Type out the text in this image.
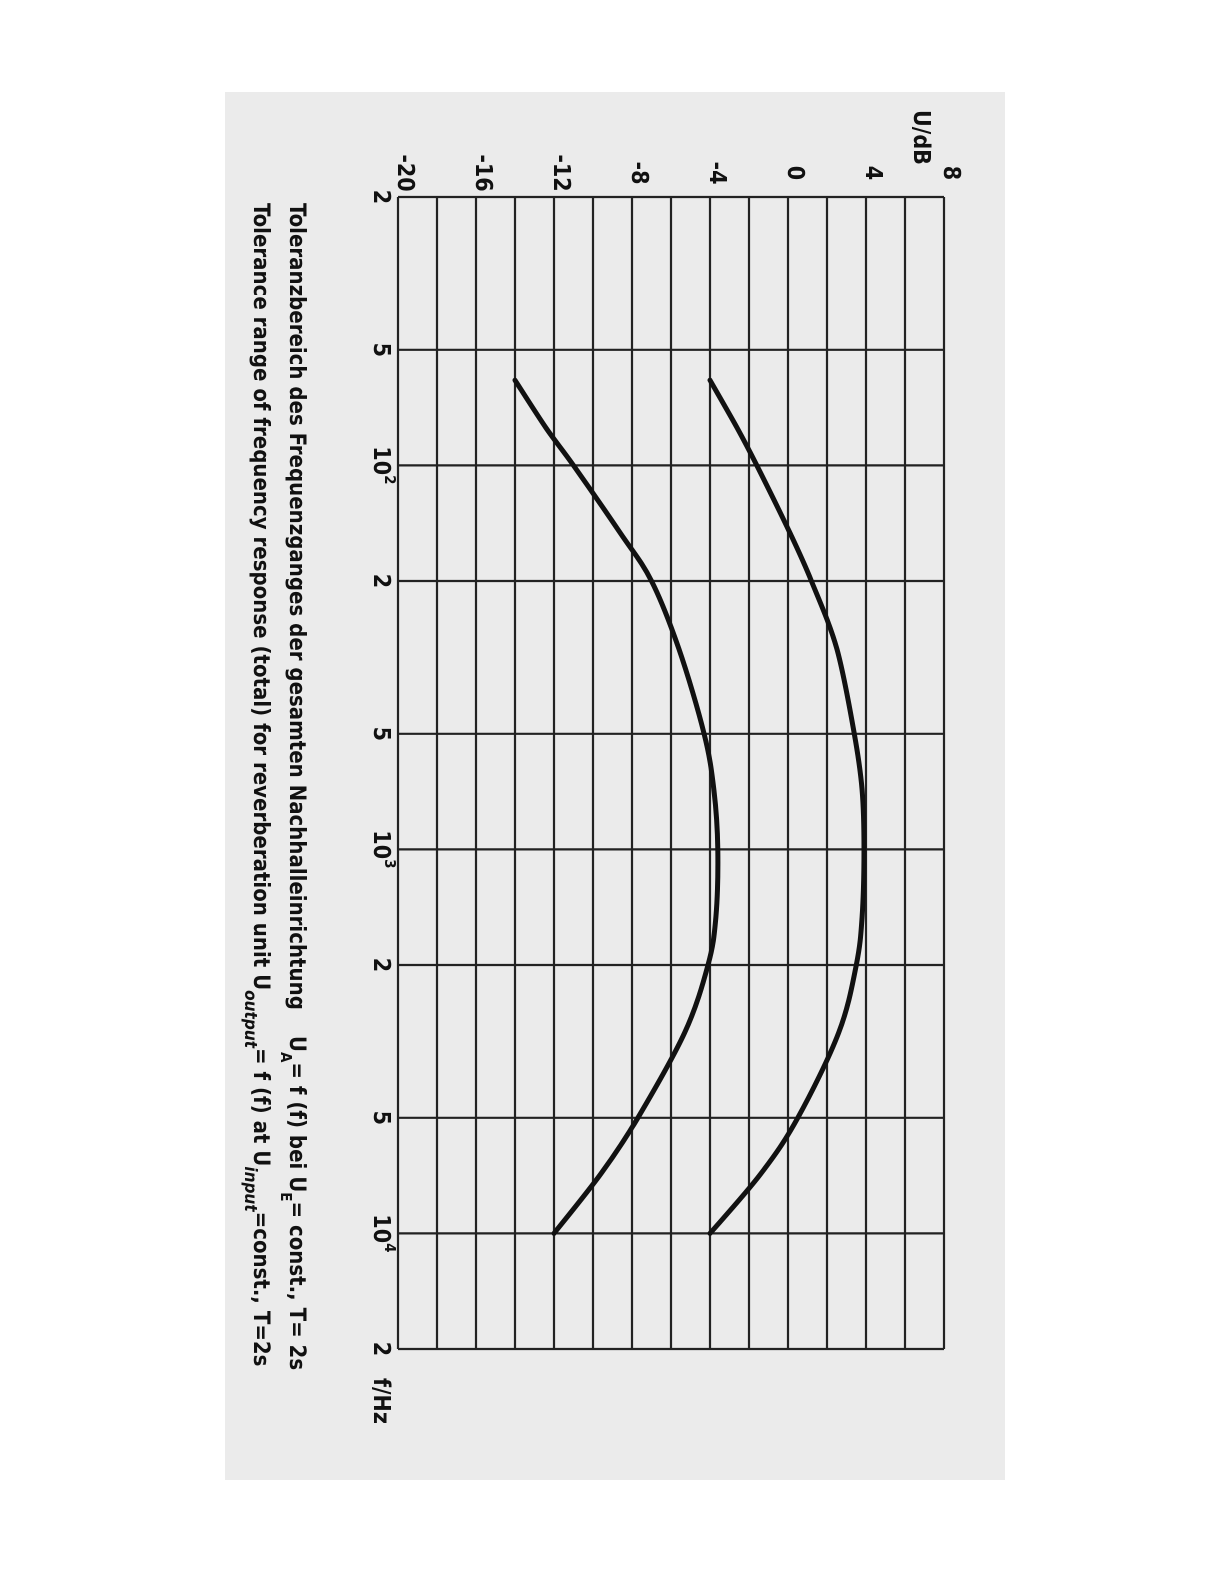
8
4
0
-4
-8
-12
-16
-20
2
5
$10^2$
2
5
$10^3$
2
5
$10^4$
2
U/dB
f/Hz
Toleranzbereich des Frequenzganges der gesamten NachhalleinrichtungU$_A$= f (f) bei $U_E=$ const., T= 2s
Tolerance range of frequency response (total) for reverberation unit $U_{output}= f$ (f) at $U_{input}=const$., T=2s
